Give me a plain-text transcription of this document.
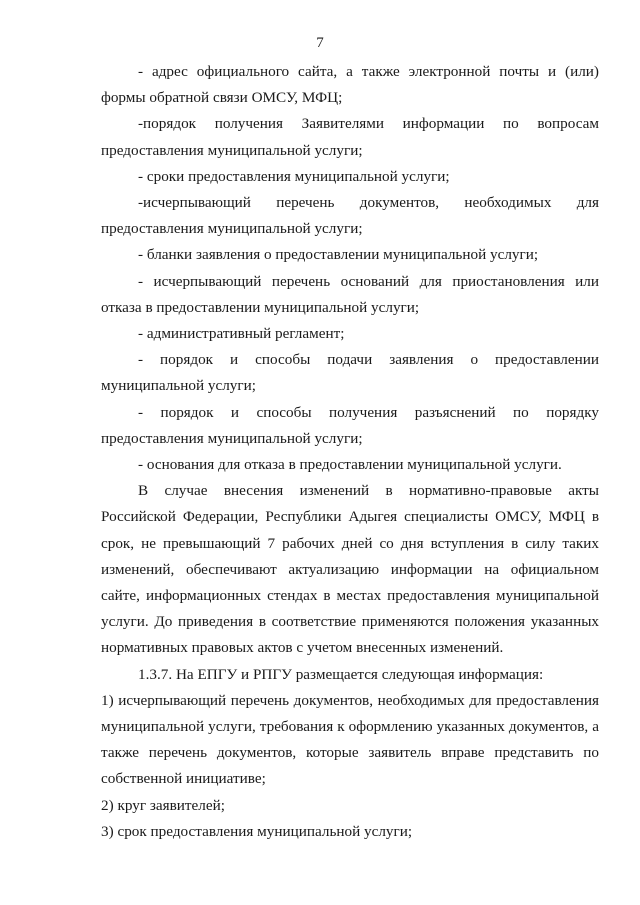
7

- адрес официального сайта, а также электронной почты и (или) формы обратной связи ОМСУ, МФЦ;

-порядок получения Заявителями информации по вопросам предоставления муниципальной услуги;

- сроки предоставления муниципальной услуги;

-исчерпывающий перечень документов, необходимых для предоставления муниципальной услуги;

- бланки заявления о предоставлении муниципальной услуги;

- исчерпывающий перечень оснований для приостановления или отказа в предоставлении муниципальной услуги;

- административный регламент;

- порядок и способы подачи заявления о предоставлении муниципальной услуги;

- порядок и способы получения разъяснений по порядку предоставления муниципальной услуги;

- основания для отказа в предоставлении муниципальной услуги.

В случае внесения изменений в нормативно-правовые акты Российской Федерации, Республики Адыгея специалисты ОМСУ, МФЦ в срок, не превышающий 7 рабочих дней со дня вступления в силу таких изменений, обеспечивают актуализацию информации на официальном сайте, информационных стендах в местах предоставления муниципальной услуги. До приведения в соответствие применяются положения указанных нормативных правовых актов с учетом внесенных изменений.

1.3.7. На ЕПГУ и РПГУ размещается следующая информация:

1) исчерпывающий перечень документов, необходимых для предоставления муниципальной услуги, требования к оформлению указанных документов, а также перечень документов, которые заявитель вправе представить по собственной инициативе;

2) круг заявителей;

3) срок предоставления муниципальной услуги;
